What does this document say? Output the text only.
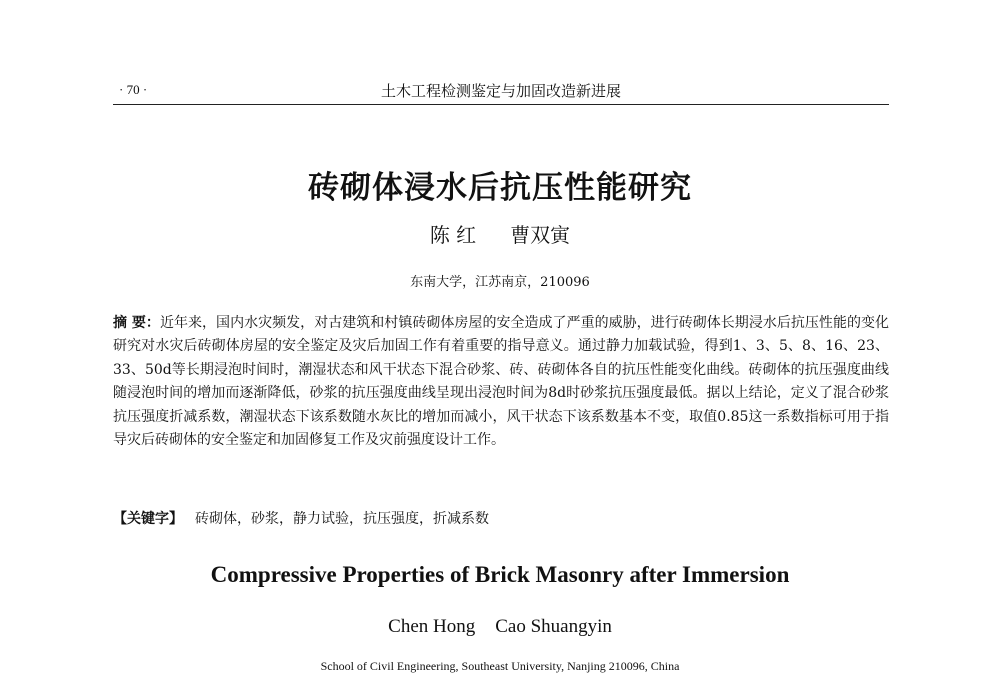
· 70 ·	土木工程检测鉴定与加固改造新进展
砖砌体浸水后抗压性能研究
陈 红 曹双寅
东南大学，江苏南京，210096
摘 要：近年来，国内水灾频发，对古建筑和村镇砖砌体房屋的安全造成了严重的威胁，进行砖砌体长期浸水后抗压性能的变化研究对水灾后砖砌体房屋的安全鉴定及灾后加固工作有着重要的指导意义。通过静力加载试验，得到1、3、5、8、16、23、33、50d等长期浸泡时间时，潮湿状态和风干状态下混合砂浆、砖、砖砌体各自的抗压性能变化曲线。砖砌体的抗压强度曲线随浸泡时间的增加而逐渐降低，砂浆的抗压强度曲线呈现出浸泡时间为8d时砂浆抗压强度最低。据以上结论，定义了混合砂浆抗压强度折减系数，潮湿状态下该系数随水灰比的增加而减小，风干状态下该系数基本不变，取值0.85这一系数指标可用于指导灾后砖砌体的安全鉴定和加固修复工作及灾前强度设计工作。
【关键字】 砖砌体，砂浆，静力试验，抗压强度，折减系数
Compressive Properties of Brick Masonry after Immersion
Chen Hong Cao Shuangyin
School of Civil Engineering, Southeast University, Nanjing 210096, China
